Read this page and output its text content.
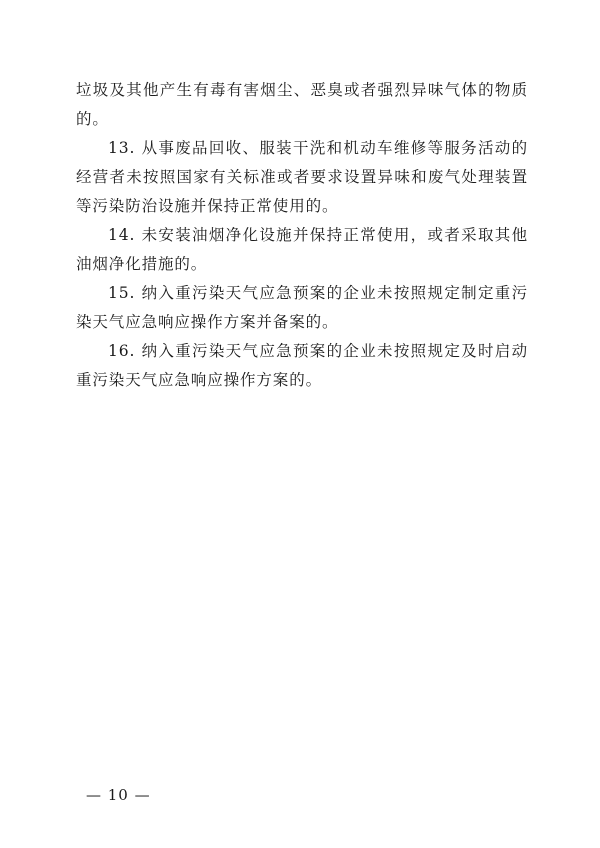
垃圾及其他产生有毒有害烟尘、恶臭或者强烈异味气体的物质的。

13. 从事废品回收、服装干洗和机动车维修等服务活动的经营者未按照国家有关标准或者要求设置异味和废气处理装置等污染防治设施并保持正常使用的。

14. 未安装油烟净化设施并保持正常使用，或者采取其他油烟净化措施的。

15. 纳入重污染天气应急预案的企业未按照规定制定重污染天气应急响应操作方案并备案的。

16. 纳入重污染天气应急预案的企业未按照规定及时启动重污染天气应急响应操作方案的。

— 10 —
